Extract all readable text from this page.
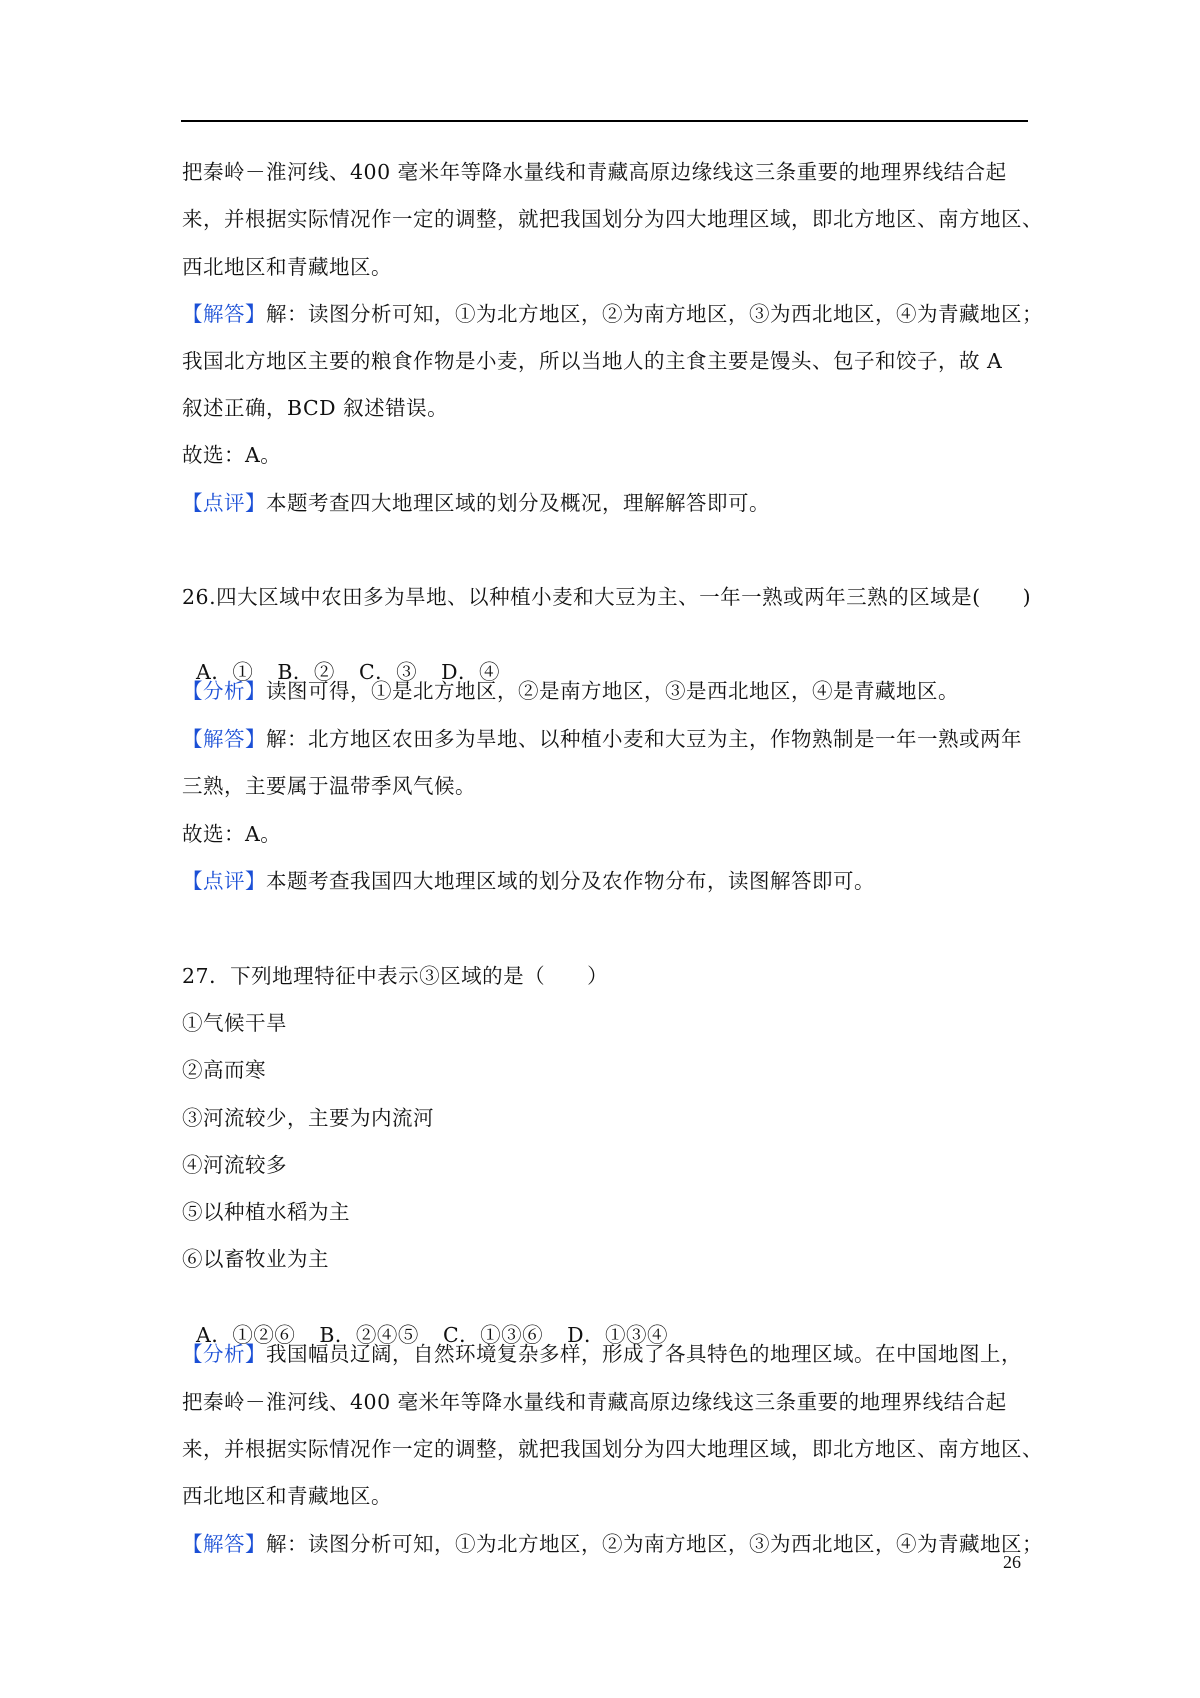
把秦岭－淮河线、400 毫米年等降水量线和青藏高原边缘线这三条重要的地理界线结合起
来，并根据实际情况作一定的调整，就把我国划分为四大地理区域，即北方地区、南方地区、
西北地区和青藏地区。
【解答】解：读图分析可知，①为北方地区，②为南方地区，③为西北地区，④为青藏地区；
我国北方地区主要的粮食作物是小麦，所以当地人的主食主要是馒头、包子和饺子，故 A
叙述正确，BCD 叙述错误。
故选：A。
【点评】本题考查四大地理区域的划分及概况，理解解答即可。
26.四大区域中农田多为旱地、以种植小麦和大豆为主、一年一熟或两年三熟的区域是(　　)

A．① B．② C．③ D．④

【分析】读图可得，①是北方地区，②是南方地区，③是西北地区，④是青藏地区。
【解答】解：北方地区农田多为旱地、以种植小麦和大豆为主，作物熟制是一年一熟或两年
三熟，主要属于温带季风气候。
故选：A。
【点评】本题考查我国四大地理区域的划分及农作物分布，读图解答即可。
27．下列地理特征中表示③区域的是（　　）
①气候干旱
②高而寒
③河流较少，主要为内流河
④河流较多
⑤以种植水稻为主
⑥以畜牧业为主

A．①②⑥ B．②④⑤ C．①③⑥ D．①③④

【分析】我国幅员辽阔，自然环境复杂多样，形成了各具特色的地理区域。在中国地图上，
把秦岭－淮河线、400 毫米年等降水量线和青藏高原边缘线这三条重要的地理界线结合起
来，并根据实际情况作一定的调整，就把我国划分为四大地理区域，即北方地区、南方地区、
西北地区和青藏地区。
【解答】解：读图分析可知，①为北方地区，②为南方地区，③为西北地区，④为青藏地区；
26
